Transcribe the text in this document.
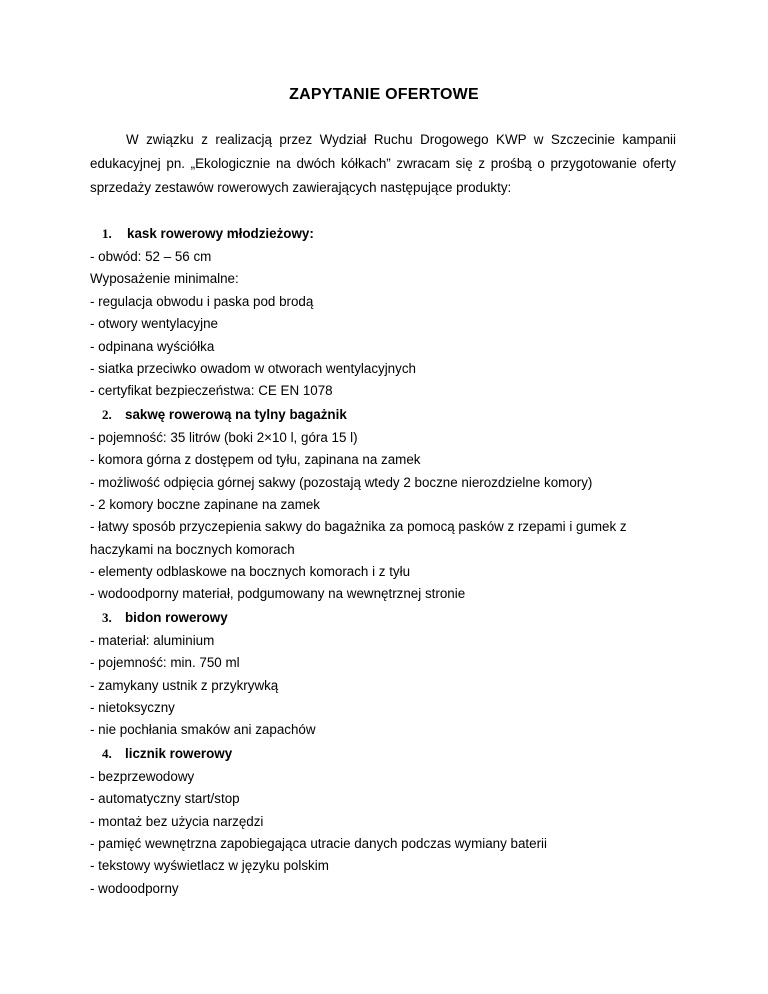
ZAPYTANIE OFERTOWE
W związku z realizacją przez Wydział Ruchu Drogowego KWP w Szczecinie kampanii edukacyjnej pn. „Ekologicznie na dwóch kółkach” zwracam się z prośbą o przygotowanie oferty sprzedaży zestawów rowerowych zawierających następujące produkty:
1. kask rowerowy młodzieżowy:
- obwód: 52 – 56 cm
Wyposażenie minimalne:
- regulacja obwodu i paska pod brodą
- otwory wentylacyjne
- odpinana wyściółka
- siatka przeciwko owadom w otworach wentylacyjnych
- certyfikat bezpieczeństwa: CE EN 1078
2. sakwę rowerową na tylny bagażnik
- pojemność: 35 litrów (boki 2×10 l, góra 15 l)
- komora górna z dostępem od tyłu, zapinana na zamek
- możliwość odpięcia górnej sakwy (pozostają wtedy 2 boczne nierozdzielne komory)
- 2 komory boczne zapinane na zamek
- łatwy sposób przyczepienia sakwy do bagażnika za pomocą pasków z rzepami i gumek z
haczykami na bocznych komorach
- elementy odblaskowe na bocznych komorach i z tyłu
- wodoodporny materiał, podgumowany na wewnętrznej stronie
3. bidon rowerowy
- materiał: aluminium
- pojemność: min. 750 ml
- zamykany ustnik z przykrywką
- nietoksyczny
- nie pochłania smaków ani zapachów
4. licznik rowerowy
- bezprzewodowy
- automatyczny start/stop
- montaż bez użycia narzędzi
- pamięć wewnętrzna zapobiegająca utracie danych podczas wymiany baterii
- tekstowy wyświetlacz w języku polskim
- wodoodporny
